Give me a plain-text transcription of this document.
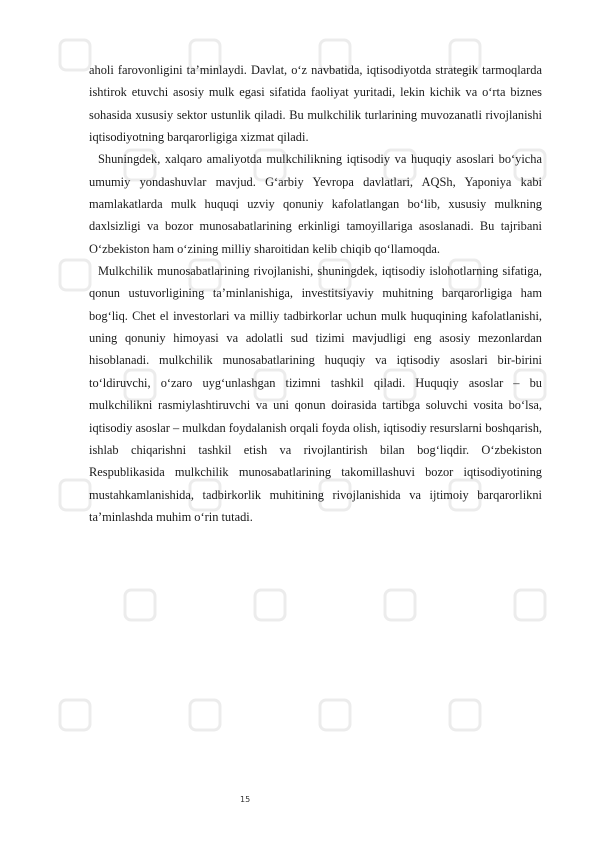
aholi farovonligini ta’minlaydi. Davlat, o‘z navbatida, iqtisodiyotda strategik tarmoqlarda ishtirok etuvchi asosiy mulk egasi sifatida faoliyat yuritadi, lekin kichik va o‘rta biznes sohasida xususiy sektor ustunlik qiladi. Bu mulkchilik turlarining muvozanatli rivojlanishi iqtisodiyotning barqarorligiga xizmat qiladi.

Shuningdek, xalqaro amaliyotda mulkchilikning iqtisodiy va huquqiy asoslari bo‘yicha umumiy yondashuvlar mavjud. G‘arbiy Yevropa davlatlari, AQSh, Yaponiya kabi mamlakatlarda mulk huquqi uzviy qonuniy kafolatlangan bo‘lib, xususiy mulkning daxlsizligi va bozor munosabatlarining erkinligi tamoyillariga asoslanadi. Bu tajribani O‘zbekiston ham o‘zining milliy sharoitidan kelib chiqib qo‘llamoqda.

Mulkchilik munosabatlarining rivojlanishi, shuningdek, iqtisodiy islohotlarning sifatiga, qonun ustuvorligining ta’minlanishiga, investitsiyaviy muhitning barqarorligiga ham bog‘liq. Chet el investorlari va milliy tadbirkorlar uchun mulk huquqining kafolatlanishi, uning qonuniy himoyasi va adolatli sud tizimi mavjudligi eng asosiy mezonlardan hisoblanadi. mulkchilik munosabatlarining huquqiy va iqtisodiy asoslari bir-birini to‘ldiruvchi, o‘zaro uyg‘unlashgan tizimni tashkil qiladi. Huquqiy asoslar – bu mulkchilikni rasmiylashtiruvchi va uni qonun doirasida tartibga soluvchi vosita bo‘lsa, iqtisodiy asoslar – mulkdan foydalanish orqali foyda olish, iqtisodiy resurslarni boshqarish, ishlab chiqarishni tashkil etish va rivojlantirish bilan bog‘liqdir. O‘zbekiston Respublikasida mulkchilik munosabatlarining takomillashuvi bozor iqtisodiyotining mustahkamlanishida, tadbirkorlik muhitining rivojlanishida va ijtimoiy barqarorlikni ta’minlashda muhim o‘rin tutadi.

15
